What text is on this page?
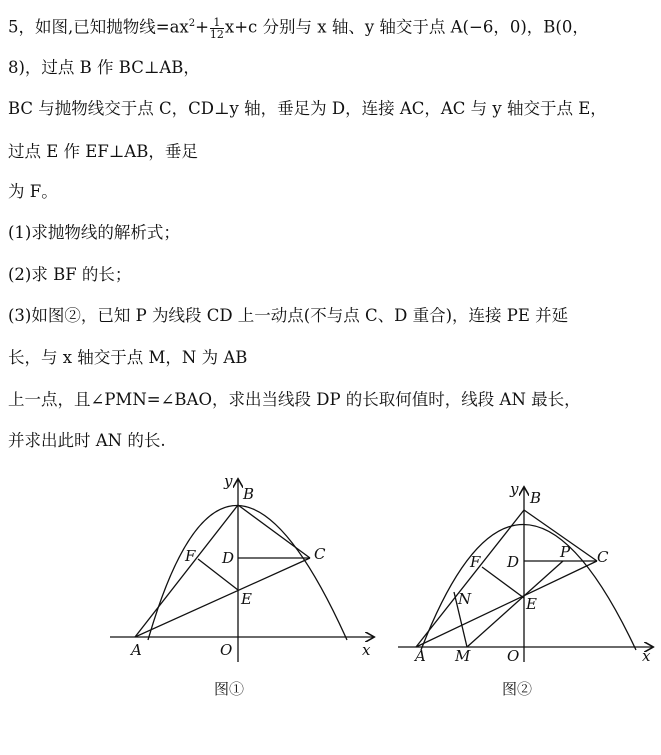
5，如图,已知抛物线$=ax^2+ \frac{1}{12} x+c$ 分别与 x 轴、y 轴交于点 A(−6，0)，B(0，
8)，过点 B 作 BC⊥AB，
BC 与抛物线交于点 C，CD⊥y 轴，垂足为 D，连接 AC，AC 与 y 轴交于点 E，
过点 E 作 EF⊥AB，垂足
为 F。
(1)求抛物线的解析式；
(2)求 BF 的长；
(3)如图②，已知 P 为线段 CD 上一动点(不与点 C、D 重合)，连接 PE 并延
长，与 x 轴交于点 M，N 为 AB
上一点，且∠PMN=∠BAO，求出当线段 DP 的长取何值时，线段 AN 最长，
并求出此时 AN 的长.
y
B
F D	C
E
A	O	x
图①
y B
F D
P C
N	E
A M O	x
图②
